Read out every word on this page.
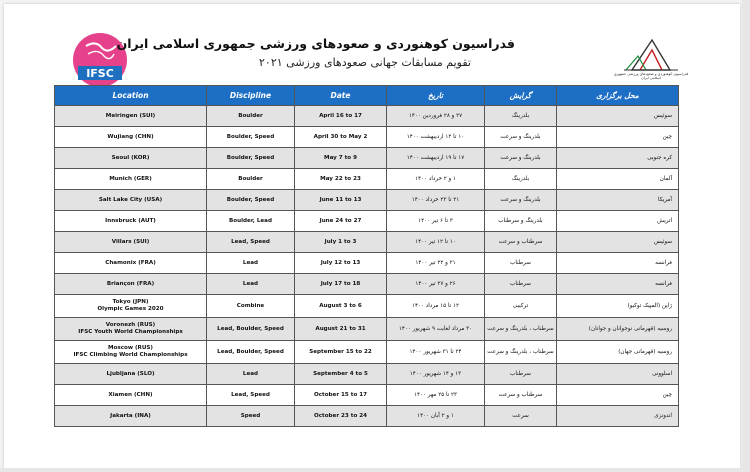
IFSC	فدراسیون کوهنوردی و صعودهای ورزشی جمهوری اسلامی ایران
فدراسیون کوهنوردی و صعودهای ورزشی جمهوری اسلامی ایران
تقویم مسابقات جهانی صعودهای ورزشی ۲۰۲۱
Location	Discipline	Date	تاریخ	گرایش	محل برگزاری

Meiringen (SUI)	Boulder	April 16 to 17	۲۷ و ۲۸ فروردین ۱۴۰۰	بلدرینگ	سوئیس

Wujiang (CHN)	Boulder, Speed	April 30 to May 2	۱۰ تا ۱۲ اردیبهشت ۱۴۰۰	بلدرینگ و سرعت	چین

Seoul (KOR)	Boulder, Speed	May 7 to 9	۱۷ تا ۱۹ اردیبهشت ۱۴۰۰	بلدرینگ و سرعت	کره جنوبی

Munich (GER)	Boulder	May 22 to 23	۱ و ۲ خرداد ۱۴۰۰	بلدرینگ	آلمان

Salt Lake City (USA)	Boulder, Speed	June 11 to 13	۲۱ تا ۲۳ خرداد ۱۴۰۰	بلدرینگ و سرعت	آمریکا

Innsbruck (AUT)	Boulder, Lead	June 24 to 27	۳ تا ۶ تیر ۱۴۰۰	بلدرینگ و سرطناب	اتریش

Villars (SUI)	Lead, Speed	July 1 to 3	۱۰ تا ۱۲ تیر ۱۴۰۰	سرطناب و سرعت	سوئیس

Chamonix (FRA)	Lead	July 12 to 13	۲۱ و ۲۲ تیر ۱۴۰۰	سرطناب	فرانسه

Briançon (FRA)	Lead	July 17 to 18	۲۶ و ۲۷ تیر ۱۴۰۰	سرطناب	فرانسه

Tokyo (JPN)
Olympic Games 2020	Combine	August 3 to 6	۱۲ تا ۱۵ مرداد ۱۴۰۰	ترکیبی	ژاپن (المپیک توکیو)

Voronezh (RUS)
IFSC Youth World Championships	Lead, Boulder, Speed	August 21 to 31	۳۰ مرداد لغایت ۹ شهریور ۱۴۰۰	سرطناب ، بلدرینگ و سرعت	روسیه (قهرمانی نوجوانان و جوانان)

Moscow (RUS)
IFSC Climbing World Championships	Lead, Boulder, Speed	September 15 to 22	۲۴ تا ۳۱ شهریور ۱۴۰۰	سرطناب ، بلدرینگ و سرعت	روسیه (قهرمانی جهان)

Ljubljana (SLO)	Lead	September 4 to 5	۱۳ و ۱۴ شهریور ۱۴۰۰	سرطناب	اسلوونی

Xiamen (CHN)	Lead, Speed	October 15 to 17	۲۳ تا ۲۵ مهر ۱۴۰۰	سرطناب و سرعت	چین

Jakarta (INA)	Speed	October 23 to 24	۱ و ۲ آبان ۱۴۰۰	سرعت	اندونزی
